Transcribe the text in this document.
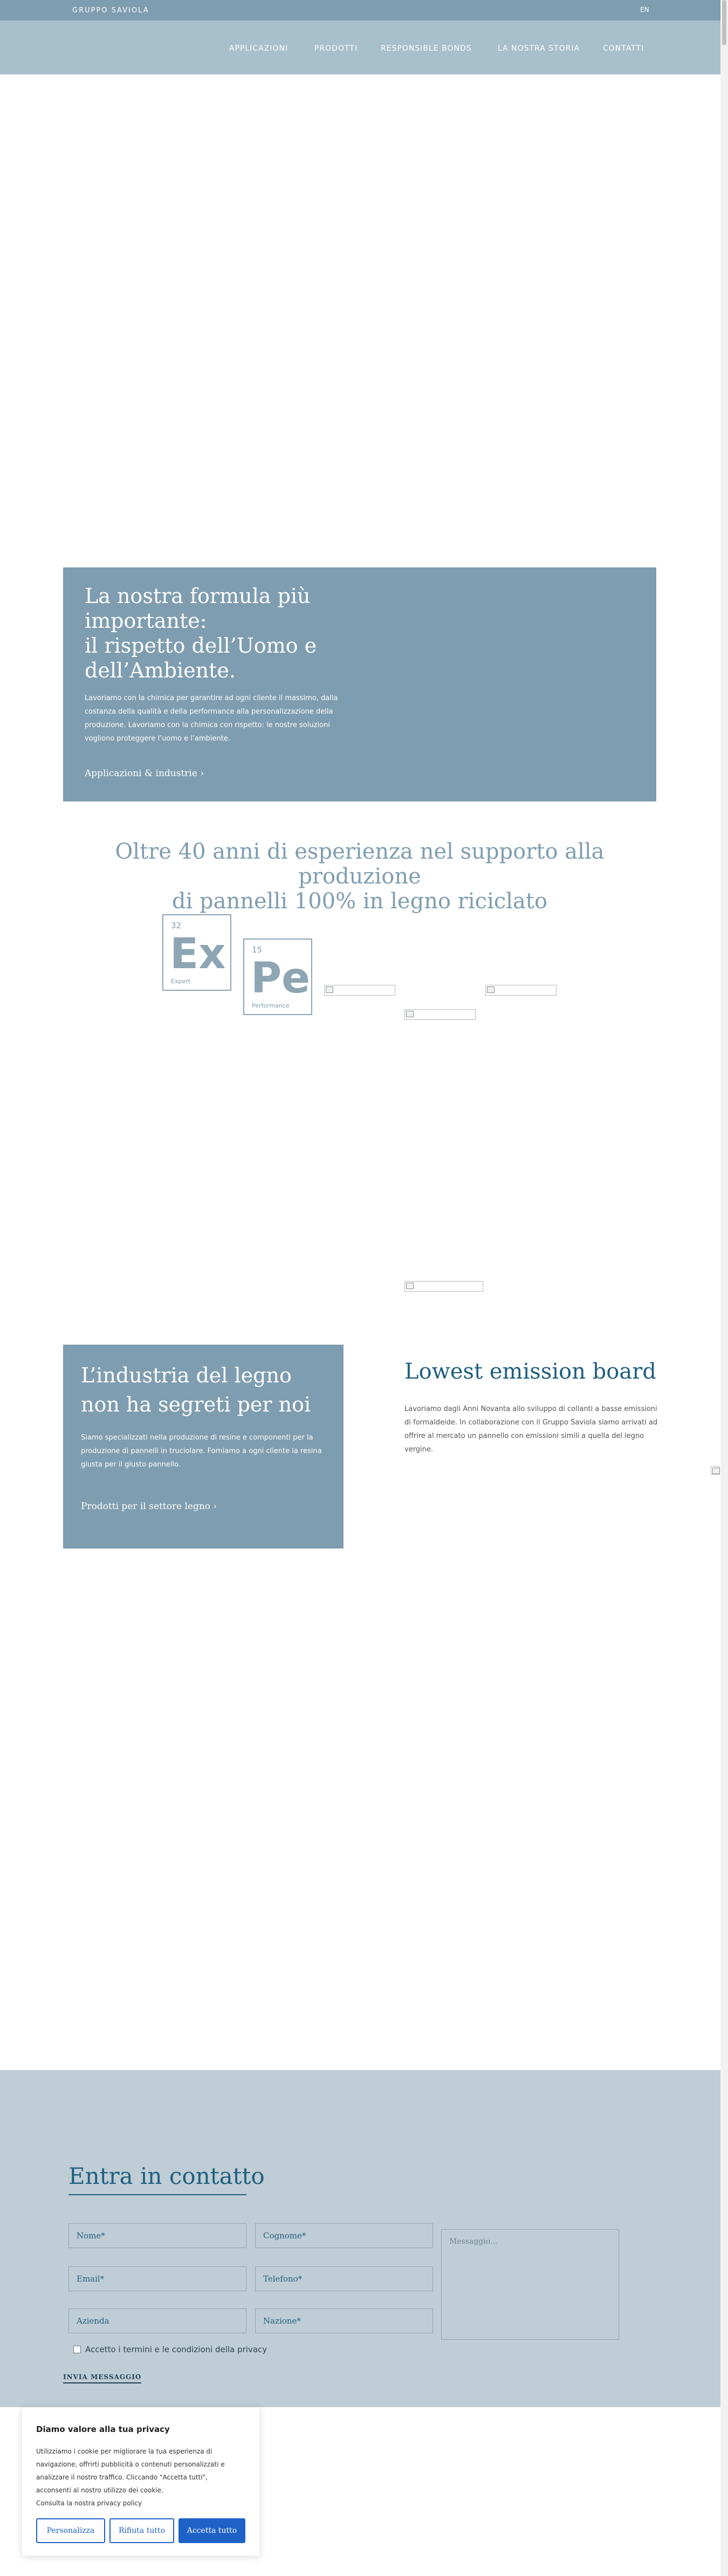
GRUPPO SAVIOLA	EN
APPLICAZIONI	PRODOTTI	RESPONSIBLE BONDS	LA NOSTRA STORIA	CONTATTI
La nostra formula più
importante:
il rispetto dell’Uomo e
dell’Ambiente.

Lavoriamo con la chimica per garantire ad ogni cliente il massimo, dalla costanza della qualità e della performance alla personalizzazione della produzione. Lavoriamo con la chimica con rispetto: le nostre soluzioni vogliono proteggere l’uomo e l’ambiente.

Applicazioni & industrie ›
Oltre 40 anni di esperienza nel supporto alla produzione
di pannelli 100% in legno riciclato
32
Ex
Expert
15
Pe
Performance
L’industria del legno
non ha segreti per noi

Siamo specializzati nella produzione di resine e componenti per la produzione di pannelli in truciolare. Forniamo a ogni cliente la resina giusta per il giusto pannello.

Prodotti per il settore legno ›
Lowest emission board

Lavoriamo dagli Anni Novanta allo sviluppo di collanti a basse emissioni di formaldeide. In collaborazione con il Gruppo Saviola siamo arrivati ad offrire al mercato un pannello con emissioni simili a quella del legno vergine.

Entra in contatto
Nome*	Cognome*
Email*	Telefono*
Azienda	Nazione*
Messaggio...
Accetto i termini e le condizioni della privacy
INVIA MESSAGGIO
Diamo valore alla tua privacy

Utilizziamo i cookie per migliorare la tua esperienza di navigazione, offrirti pubblicità o contenuti personalizzati e analizzare il nostro traffico. Cliccando "Accetta tutti", acconsenti al nostro utilizzo dei cookie.
Consulta la nostra privacy policy

Personalizza	Rifiuta tutto	Accetta tutto
